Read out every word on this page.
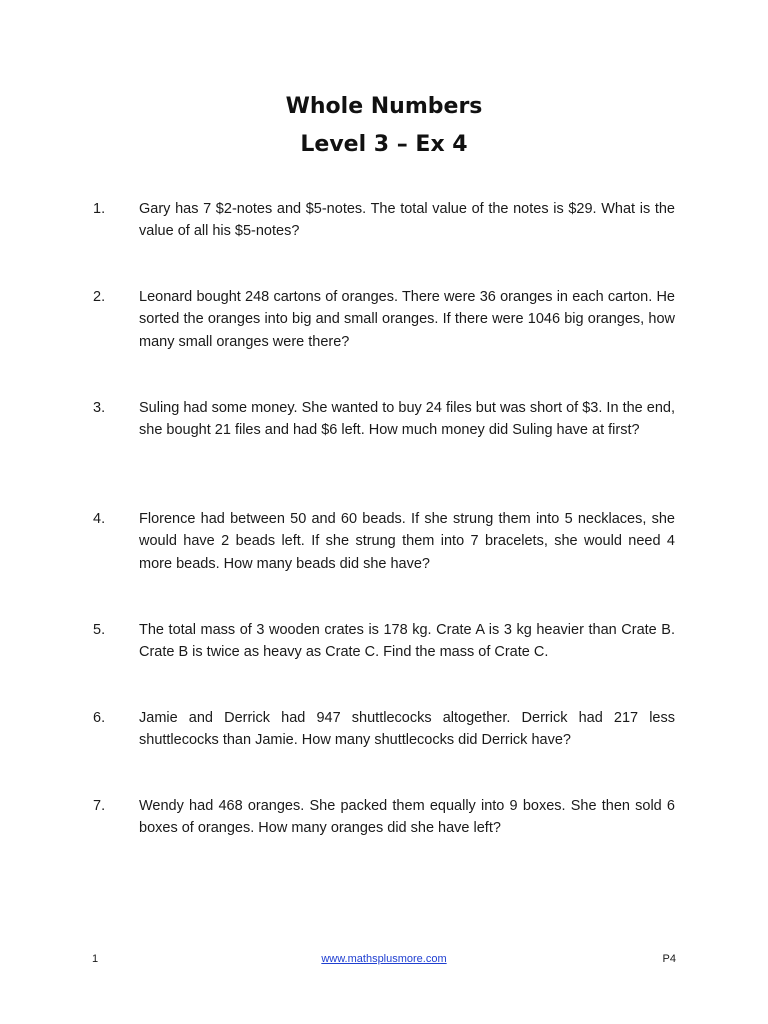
Whole Numbers
Level 3 – Ex 4
1. Gary has 7 $2-notes and $5-notes. The total value of the notes is $29. What is the value of all his $5-notes?
2. Leonard bought 248 cartons of oranges. There were 36 oranges in each carton. He sorted the oranges into big and small oranges. If there were 1046 big oranges, how many small oranges were there?
3. Suling had some money. She wanted to buy 24 files but was short of $3. In the end, she bought 21 files and had $6 left. How much money did Suling have at first?
4. Florence had between 50 and 60 beads. If she strung them into 5 necklaces, she would have 2 beads left. If she strung them into 7 bracelets, she would need 4 more beads. How many beads did she have?
5. The total mass of 3 wooden crates is 178 kg. Crate A is 3 kg heavier than Crate B. Crate B is twice as heavy as Crate C. Find the mass of Crate C.
6. Jamie and Derrick had 947 shuttlecocks altogether. Derrick had 217 less shuttlecocks than Jamie. How many shuttlecocks did Derrick have?
7. Wendy had 468 oranges. She packed them equally into 9 boxes. She then sold 6 boxes of oranges. How many oranges did she have left?
1	www.mathsplusmore.com	P4
